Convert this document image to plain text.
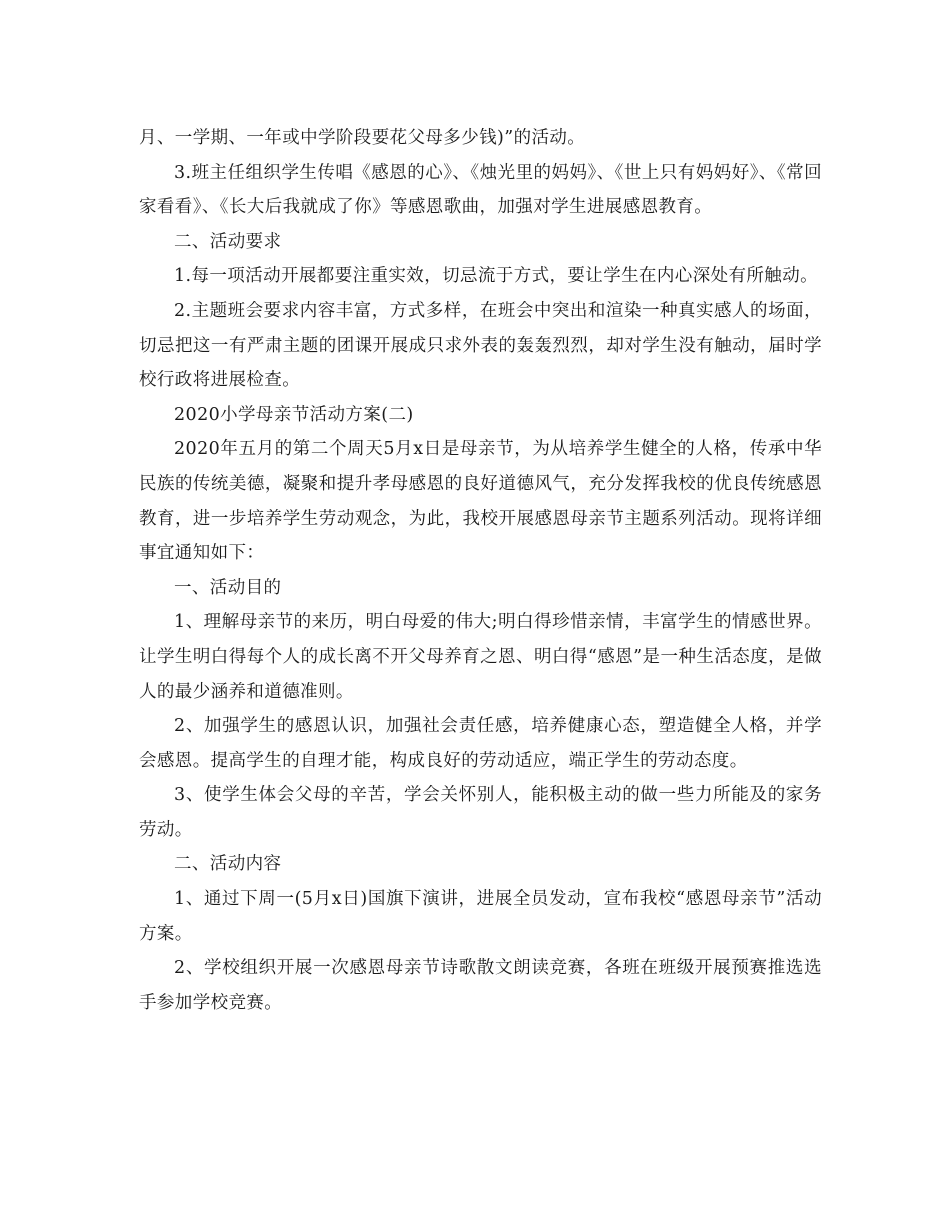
月、一学期、一年或中学阶段要花父母多少钱)”的活动。

3.班主任组织学生传唱《感恩的心》、《烛光里的妈妈》、《世上只有妈妈好》、《常回家看看》、《长大后我就成了你》等感恩歌曲，加强对学生进展感恩教育。

二、活动要求

1.每一项活动开展都要注重实效，切忌流于方式，要让学生在内心深处有所触动。

2.主题班会要求内容丰富，方式多样，在班会中突出和渲染一种真实感人的场面，切忌把这一有严肃主题的团课开展成只求外表的轰轰烈烈，却对学生没有触动，届时学校行政将进展检查。

2020小学母亲节活动方案(二)

2020年五月的第二个周天5月x日是母亲节，为从培养学生健全的人格，传承中华民族的传统美德，凝聚和提升孝母感恩的良好道德风气，充分发挥我校的优良传统感恩教育，进一步培养学生劳动观念，为此，我校开展感恩母亲节主题系列活动。现将详细事宜通知如下：

一、活动目的

1、理解母亲节的来历，明白母爱的伟大;明白得珍惜亲情，丰富学生的情感世界。让学生明白得每个人的成长离不开父母养育之恩、明白得“感恩”是一种生活态度，是做人的最少涵养和道德准则。

2、加强学生的感恩认识，加强社会责任感，培养健康心态，塑造健全人格，并学会感恩。提高学生的自理才能，构成良好的劳动适应，端正学生的劳动态度。

3、使学生体会父母的辛苦，学会关怀别人，能积极主动的做一些力所能及的家务劳动。

二、活动内容

1、通过下周一(5月x日)国旗下演讲，进展全员发动，宣布我校“感恩母亲节”活动方案。

2、学校组织开展一次感恩母亲节诗歌散文朗读竞赛，各班在班级开展预赛推选选手参加学校竞赛。
